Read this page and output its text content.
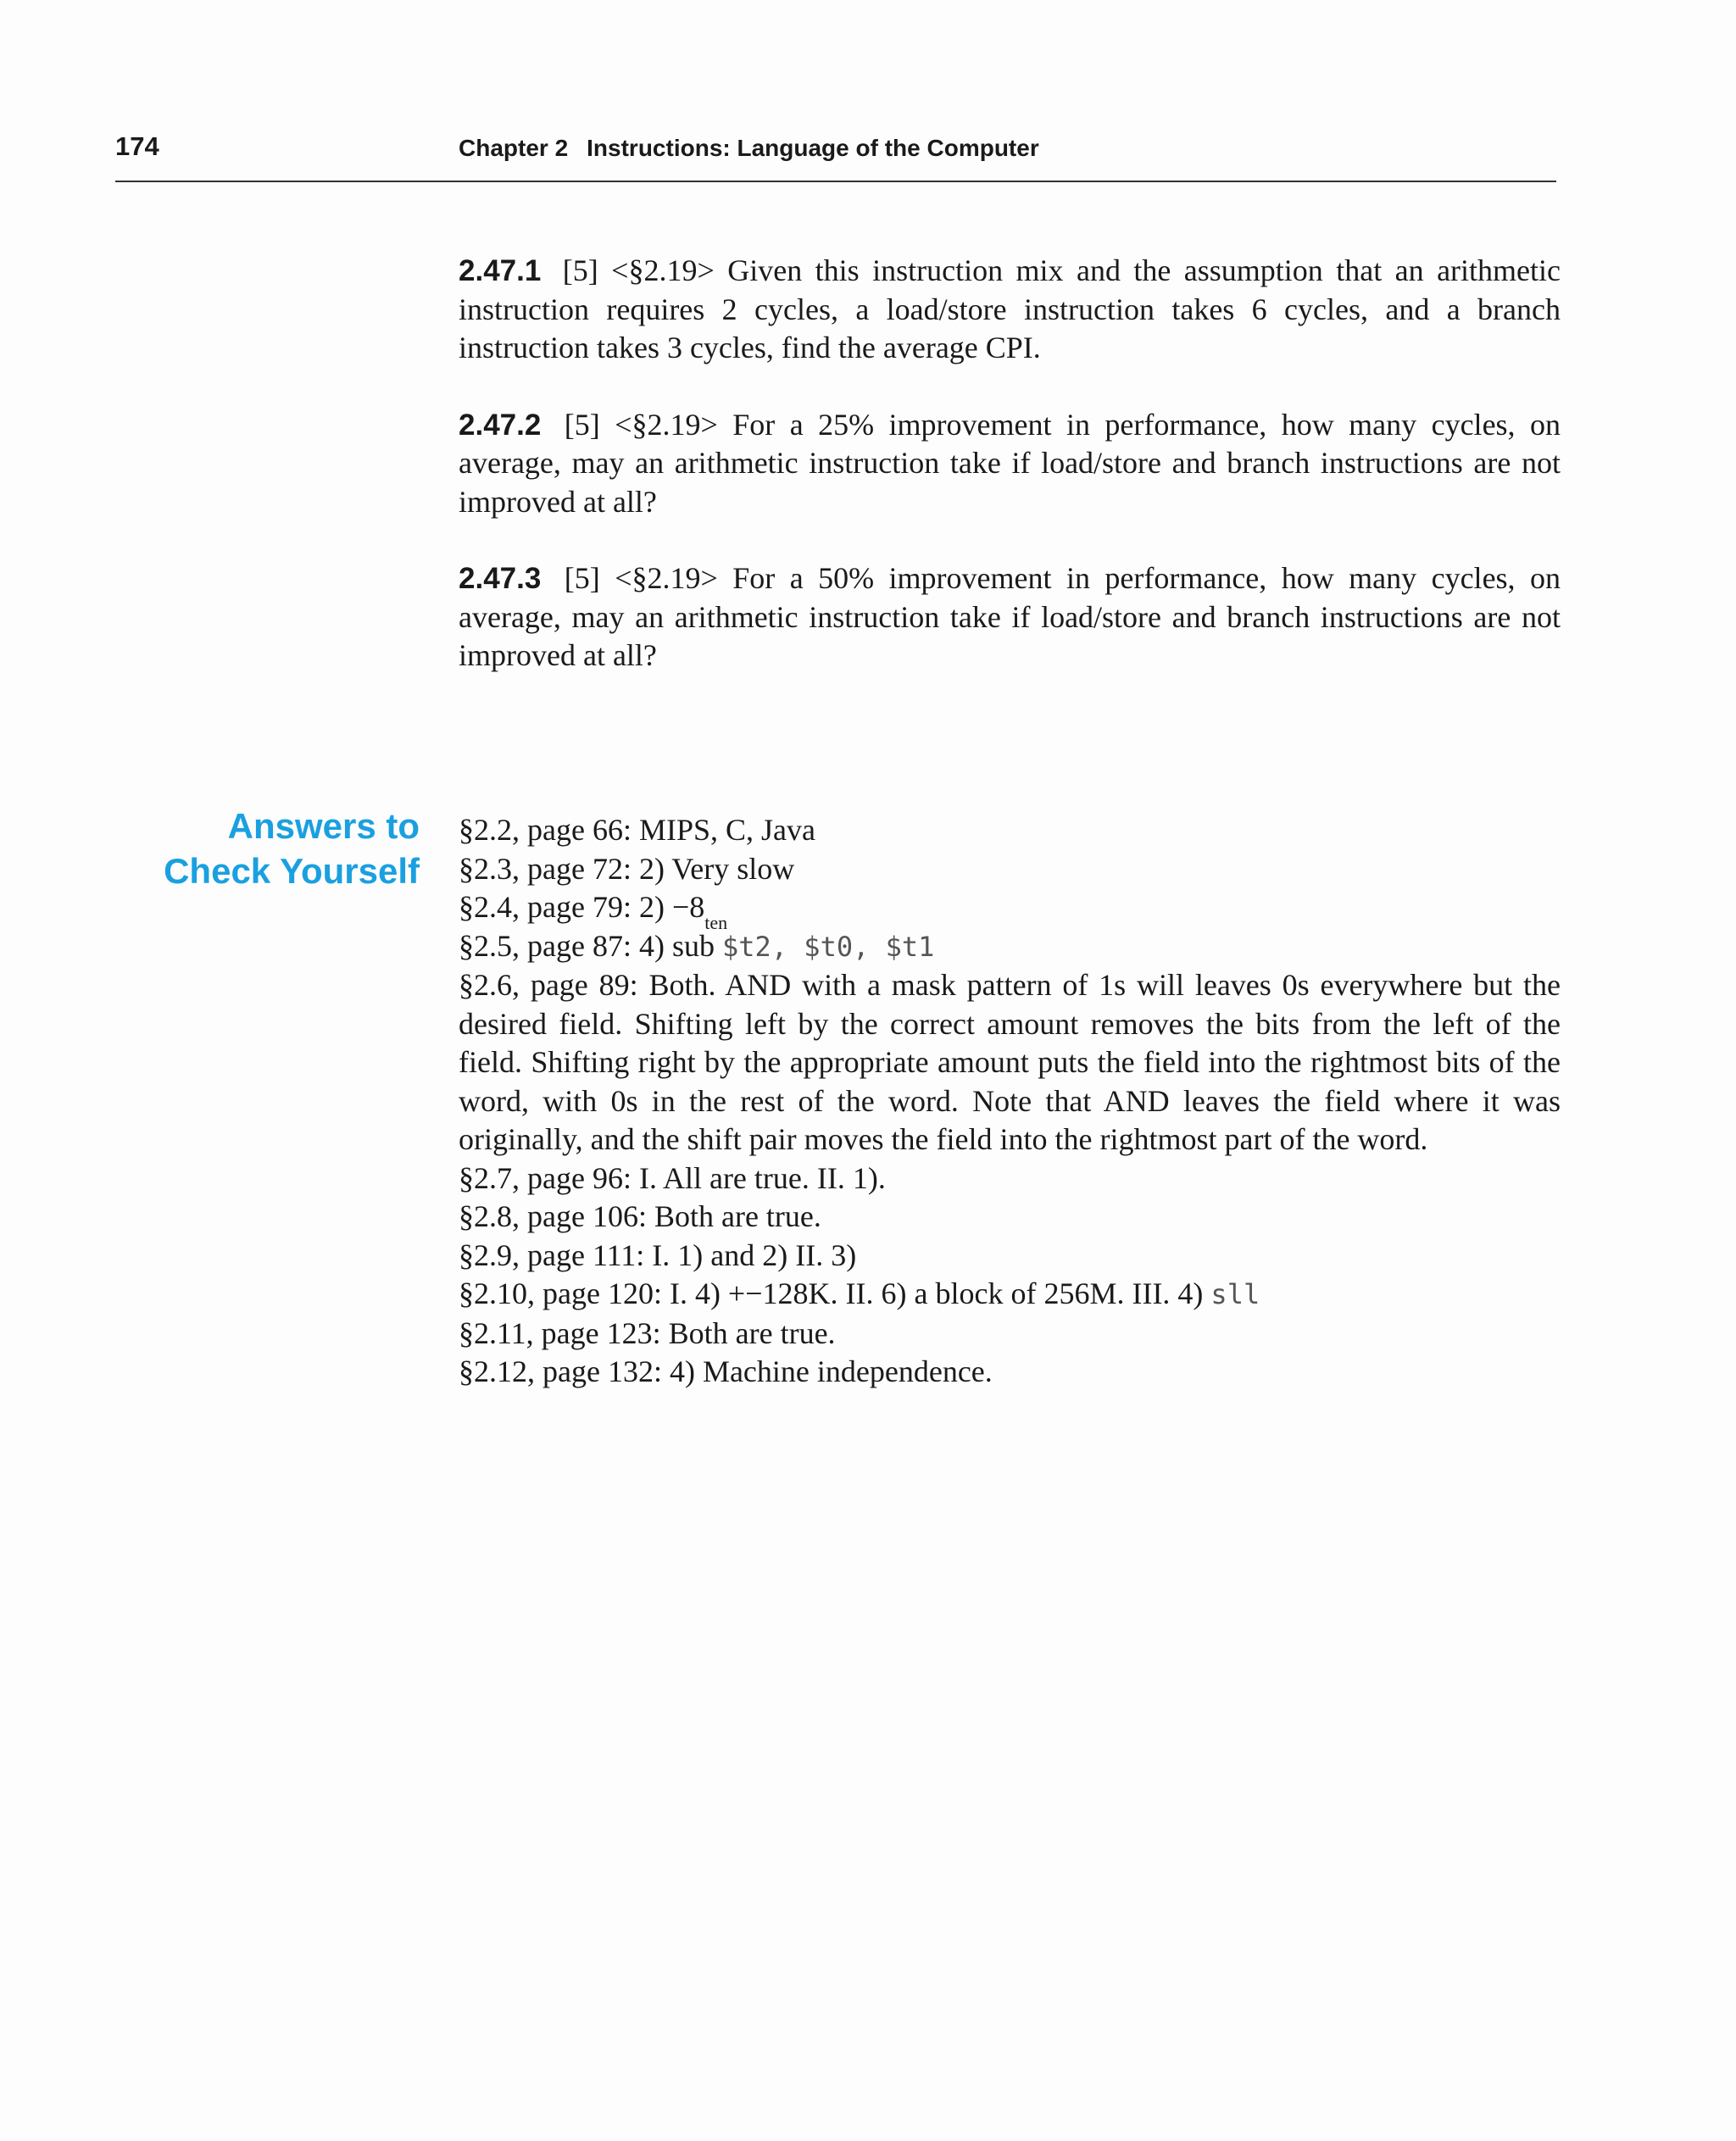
174	Chapter 2 Instructions: Language of the Computer

2.47.1 [5] <§2.19> Given this instruction mix and the assumption that an arithmetic instruction requires 2 cycles, a load/store instruction takes 6 cycles, and a branch instruction takes 3 cycles, find the average CPI.

2.47.2 [5] <§2.19> For a 25% improvement in performance, how many cycles, on average, may an arithmetic instruction take if load/store and branch instructions are not improved at all?

2.47.3 [5] <§2.19> For a 50% improvement in performance, how many cycles, on average, may an arithmetic instruction take if load/store and branch instructions are not improved at all?

Answers to
Check Yourself

§2.2, page 66: MIPS, C, Java

§2.3, page 72: 2) Very slow

§2.4, page 79: $2) -8_{ten}$

§2.5, page 87: 4) sub $t2, $t0, $t1

§2.6, page 89: Both. AND with a mask pattern of 1s will leaves 0s everywhere but the desired field. Shifting left by the correct amount removes the bits from the left of the field. Shifting right by the appropriate amount puts the field into the rightmost bits of the word, with 0s in the rest of the word. Note that AND leaves the field where it was originally, and the shift pair moves the field into the rightmost part of the word.

§2.7, page 96: I. All are true. II. 1).

§2.8, page 106: Both are true.

§2.9, page 111: I. 1) and 2) II. 3)

§2.10, page 120: I. 4) +−128K. II. 6) a block of 256M. III. 4) sll

§2.11, page 123: Both are true.

§2.12, page 132: 4) Machine independence.
